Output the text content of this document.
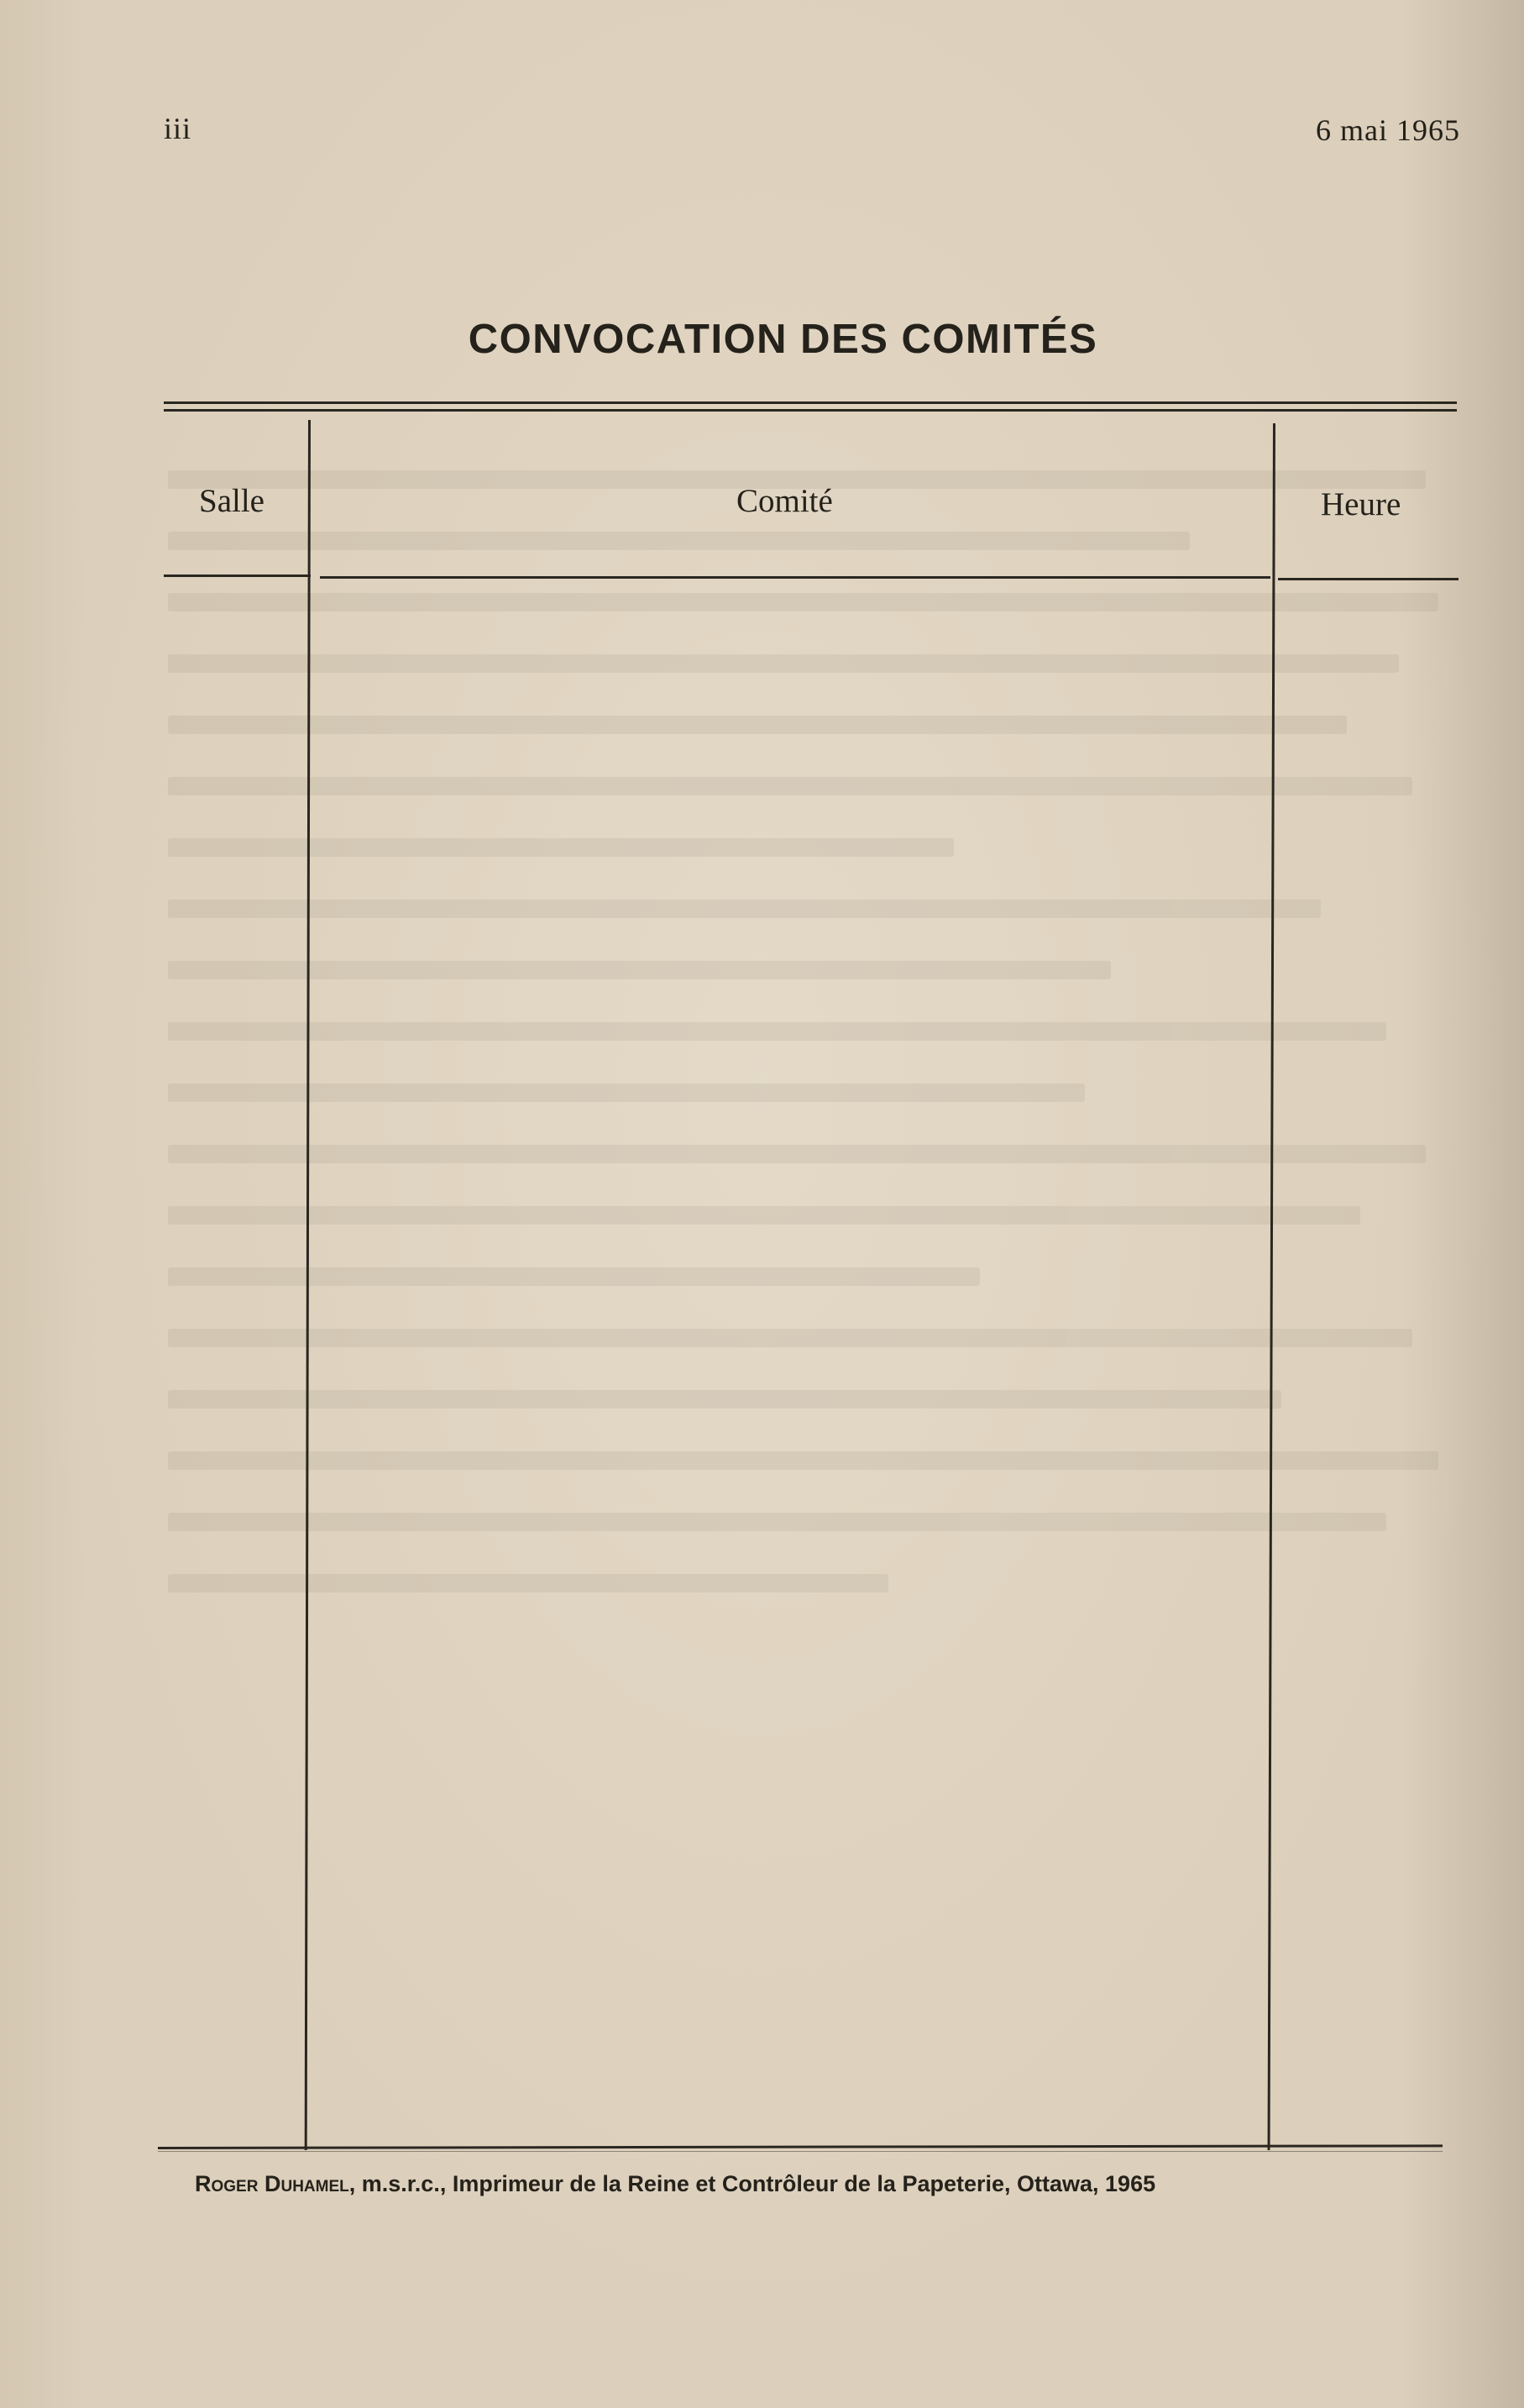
iii	6 mai 1965
CONVOCATION DES COMITÉS
Salle	Comité	Heure
Roger Duhamel, m.s.r.c., Imprimeur de la Reine et Contrôleur de la Papeterie, Ottawa, 1965
